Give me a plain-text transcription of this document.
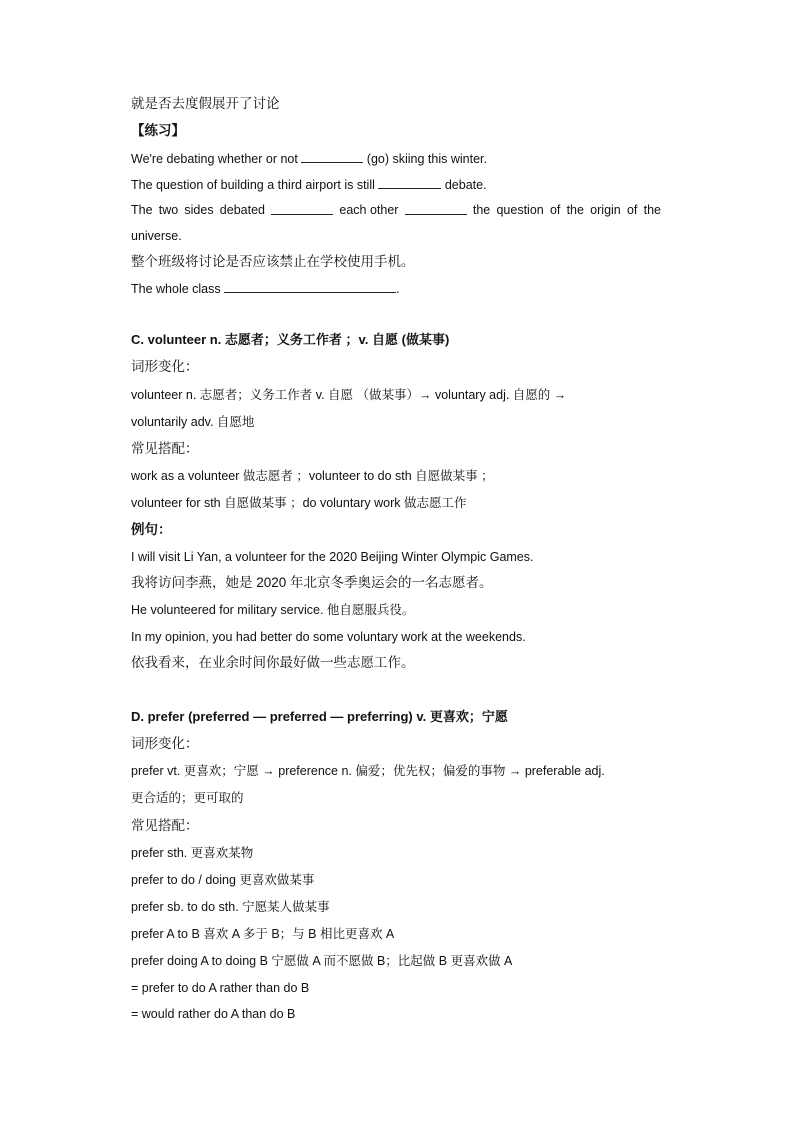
就是否去度假展开了讨论
【练习】
We're debating whether or not	(go) skiing this winter.
The question of building a third airport is still	debate.
The two sides debated	each other	the question of the origin of the
universe.
整个班级将讨论是否应该禁止在学校使用手机。
The whole class	.
C. volunteer n. 志愿者；义务工作者 ；v. 自愿 (做某事)
词形变化：
volunteer n. 志愿者；义务工作者 v. 自愿 （做某事）→ voluntary adj. 自愿的 →
voluntarily adv. 自愿地
常见搭配：
work as a volunteer 做志愿者 ；volunteer to do sth 自愿做某事 ；
volunteer for sth 自愿做某事 ；do voluntary work 做志愿工作
例句：
I will visit Li Yan, a volunteer for the 2020 Beijing Winter Olympic Games.
我将访问李燕，她是 2020 年北京冬季奥运会的一名志愿者。
He volunteered for military service. 他自愿服兵役。
In my opinion, you had better do some voluntary work at the weekends.
依我看来，在业余时间你最好做一些志愿工作。
D. prefer (preferred — preferred — preferring) v. 更喜欢；宁愿
词形变化：
prefer vt. 更喜欢；宁愿 → preference n. 偏爱；优先权；偏爱的事物 → preferable adj.
更合适的；更可取的
常见搭配：
prefer sth. 更喜欢某物
prefer to do / doing 更喜欢做某事
prefer sb. to do sth. 宁愿某人做某事
prefer A to B 喜欢 A 多于 B；与 B 相比更喜欢 A
prefer doing A to doing B 宁愿做 A 而不愿做 B；比起做 B 更喜欢做 A
= prefer to do A rather than do B
= would rather do A than do B
